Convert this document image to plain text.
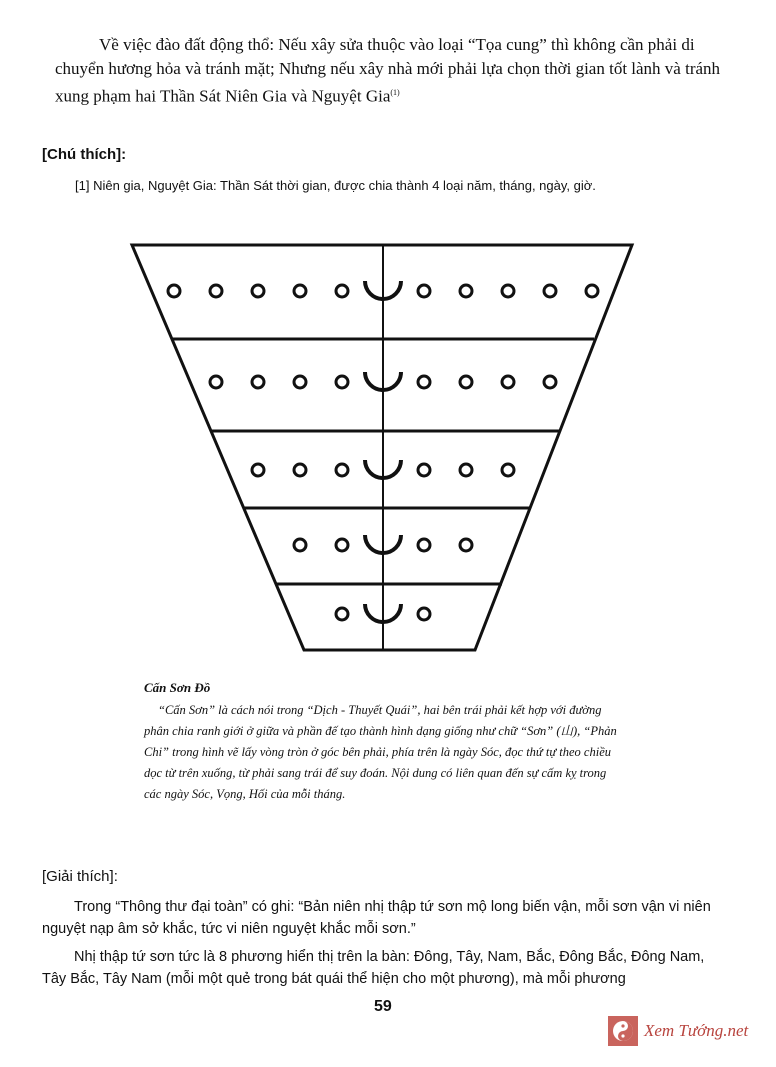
Về việc đào đất động thổ: Nếu xây sửa thuộc vào loại “Tọa cung” thì không cần phải di chuyển hương hỏa và tránh mặt; Nhưng nếu xây nhà mới phải lựa chọn thời gian tốt lành và tránh xung phạm hai Thần Sát Niên Gia và Nguyệt Gia$^{(1)}$

[Chú thích]:
[1] Niên gia, Nguyệt Gia: Thần Sát thời gian, được chia thành 4 loại năm, tháng, ngày, giờ.
Cấn Sơn Đồ
“Cấn Sơn” là cách nói trong “Dịch - Thuyết Quái”, hai bên trái phải kết hợp với đường phân chia ranh giới ở giữa và phần đế tạo thành hình dạng giống như chữ “Sơn” (山), “Phản Chi” trong hình vẽ lấy vòng tròn ở góc bên phải, phía trên là ngày Sóc, đọc thứ tự theo chiều dọc từ trên xuống, từ phải sang trái để suy đoán. Nội dung có liên quan đến sự cấm kỵ trong các ngày Sóc, Vọng, Hối của mỗi tháng.
[Giải thích]:

Trong “Thông thư đại toàn” có ghi: “Bản niên nhị thập tứ sơn mộ long biến vận, mỗi sơn vận vi niên nguyệt nạp âm sở khắc, tức vi niên nguyệt khắc mỗi sơn.”

Nhị thập tứ sơn tức là 8 phương hiển thị trên la bàn: Đông, Tây, Nam, Bắc, Đông Bắc, Đông Nam, Tây Bắc, Tây Nam (mỗi một quẻ trong bát quái thể hiện cho một phương), mà mỗi phương

59
Xem Tướng.net
